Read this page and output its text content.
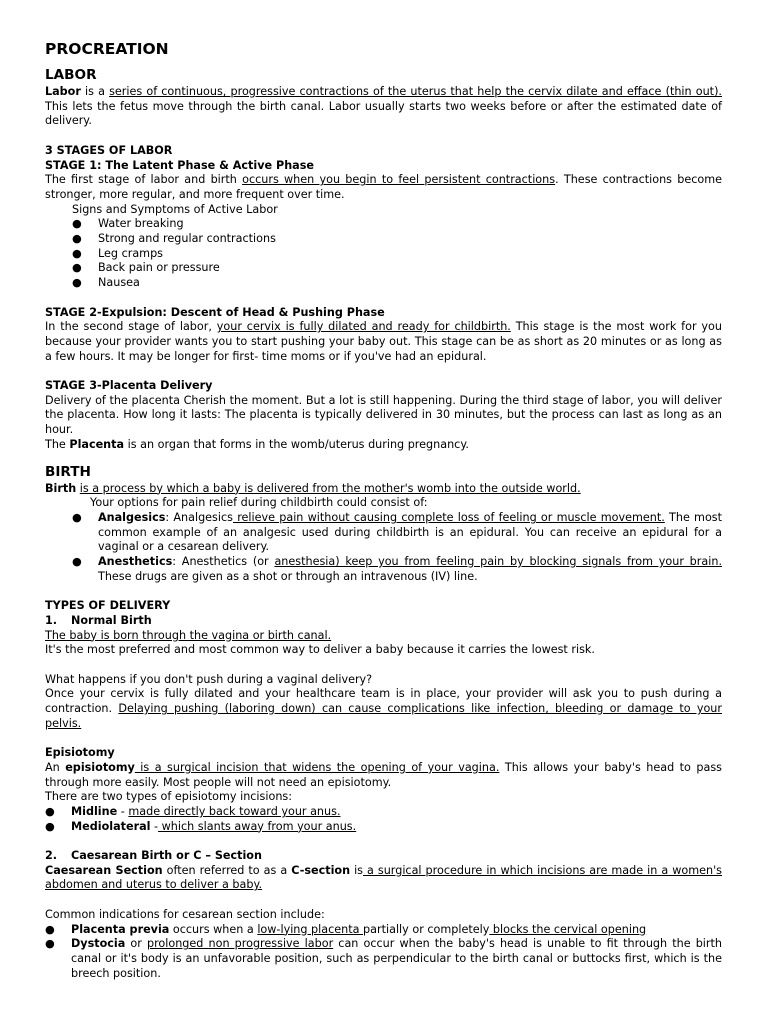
PROCREATION
LABOR

Labor is a series of continuous, progressive contractions of the uterus that help the cervix dilate and efface (thin out). This lets the fetus move through the birth canal. Labor usually starts two weeks before or after the estimated date of delivery.

3 STAGES OF LABOR

STAGE 1: The Latent Phase & Active Phase

The first stage of labor and birth occurs when you begin to feel persistent contractions. These contractions become stronger, more regular, and more frequent over time.

Signs and Symptoms of Active Labor

● Water breaking
● Strong and regular contractions
● Leg cramps
● Back pain or pressure
● Nausea

STAGE 2-Expulsion: Descent of Head & Pushing Phase

In the second stage of labor, your cervix is fully dilated and ready for childbirth. This stage is the most work for you because your provider wants you to start pushing your baby out. This stage can be as short as 20 minutes or as long as a few hours. It may be longer for first- time moms or if you've had an epidural.

STAGE 3-Placenta Delivery

Delivery of the placenta Cherish the moment. But a lot is still happening. During the third stage of labor, you will deliver the placenta. How long it lasts: The placenta is typically delivered in 30 minutes, but the process can last as long as an hour.

The Placenta is an organ that forms in the womb/uterus during pregnancy.

BIRTH

Birth is a process by which a baby is delivered from the mother's womb into the outside world.

Your options for pain relief during childbirth could consist of:

● Analgesics: Analgesics relieve pain without causing complete loss of feeling or muscle movement. The most common example of an analgesic used during childbirth is an epidural. You can receive an epidural for a vaginal or a cesarean delivery.
● Anesthetics: Anesthetics (or anesthesia) keep you from feeling pain by blocking signals from your brain. These drugs are given as a shot or through an intravenous (IV) line.

TYPES OF DELIVERY

1. Normal Birth

The baby is born through the vagina or birth canal.

It's the most preferred and most common way to deliver a baby because it carries the lowest risk.

What happens if you don't push during a vaginal delivery?

Once your cervix is fully dilated and your healthcare team is in place, your provider will ask you to push during a contraction. Delaying pushing (laboring down) can cause complications like infection, bleeding or damage to your pelvis.

Episiotomy

An episiotomy is a surgical incision that widens the opening of your vagina. This allows your baby's head to pass through more easily. Most people will not need an episiotomy.

There are two types of episiotomy incisions:

● Midline - made directly back toward your anus.
● Mediolateral - which slants away from your anus.
2. Caesarean Birth or C – Section

Caesarean Section often referred to as a C-section is a surgical procedure in which incisions are made in a women's abdomen and uterus to deliver a baby.

Common indications for cesarean section include:

● Placenta previa occurs when a low-lying placenta partially or completely blocks the cervical opening
● Dystocia or prolonged non progressive labor can occur when the baby's head is unable to fit through the birth canal or it's body is an unfavorable position, such as perpendicular to the birth canal or buttocks first, which is the breech position.
